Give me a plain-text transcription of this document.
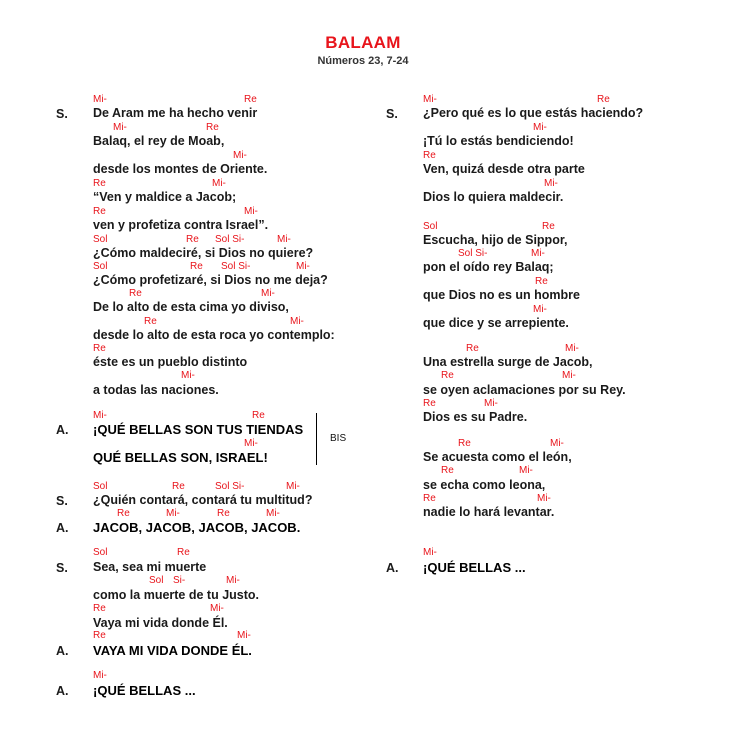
BALAAM
Números 23, 7-24
S.
Mi-	Re
De Aram me ha hecho venir
Mi-	Re
Balaq, el rey de Moab,
Mi-
desde los montes de Oriente.
Re	Mi-
“Ven y maldice a Jacob;
Re	Mi-
ven y profetiza contra Israel”.
Sol	Re Sol Si-	Mi-
¿Cómo maldeciré, si Dios no quiere?
Sol	Re Sol Si-	Mi-
¿Cómo profetizaré, si Dios no me deja?
Re	Mi-
De lo alto de esta cima yo diviso,
Re	Mi-
desde lo alto de esta roca yo contemplo:
Re
éste es un pueblo distinto
Mi-
a todas las naciones.
A.
Mi-	Re
¡QUÉ BELLAS SON TUS TIENDAS
Mi-
QUÉ BELLAS SON, ISRAEL!
BIS
S.
Sol	Re	Sol Si-	Mi-
¿Quién contará, contará tu multitud?
A.
Re	Mi-	Re	Mi-
JACOB, JACOB, JACOB, JACOB.
S.
Sol	Re
Sea, sea mi muerte
Sol Si-	Mi-
como la muerte de tu Justo.
Re	Mi-
Vaya mi vida donde Él.
A.
Re	Mi-
VAYA MI VIDA DONDE ÉL.
A.
Mi-
¡QUÉ BELLAS ...
S.
Mi-	Re
¿Pero qué es lo que estás haciendo?
Mi-
¡Tú lo estás bendiciendo!
Re
Ven, quizá desde otra parte
Mi-
Dios lo quiera maldecir.
Sol	Re
Escucha, hijo de Sippor,
Sol Si-	Mi-
pon el oído rey Balaq;
Re
que Dios no es un hombre
Mi-
que dice y se arrepiente.
Re	Mi-
Una estrella surge de Jacob,
Re	Mi-
se oyen aclamaciones por su Rey.
Re	Mi-
Dios es su Padre.
Re	Mi-
Se acuesta como el león,
Re	Mi-
se echa como leona,
Re	Mi-
nadie lo hará levantar.
A.
Mi-
¡QUÉ BELLAS ...
